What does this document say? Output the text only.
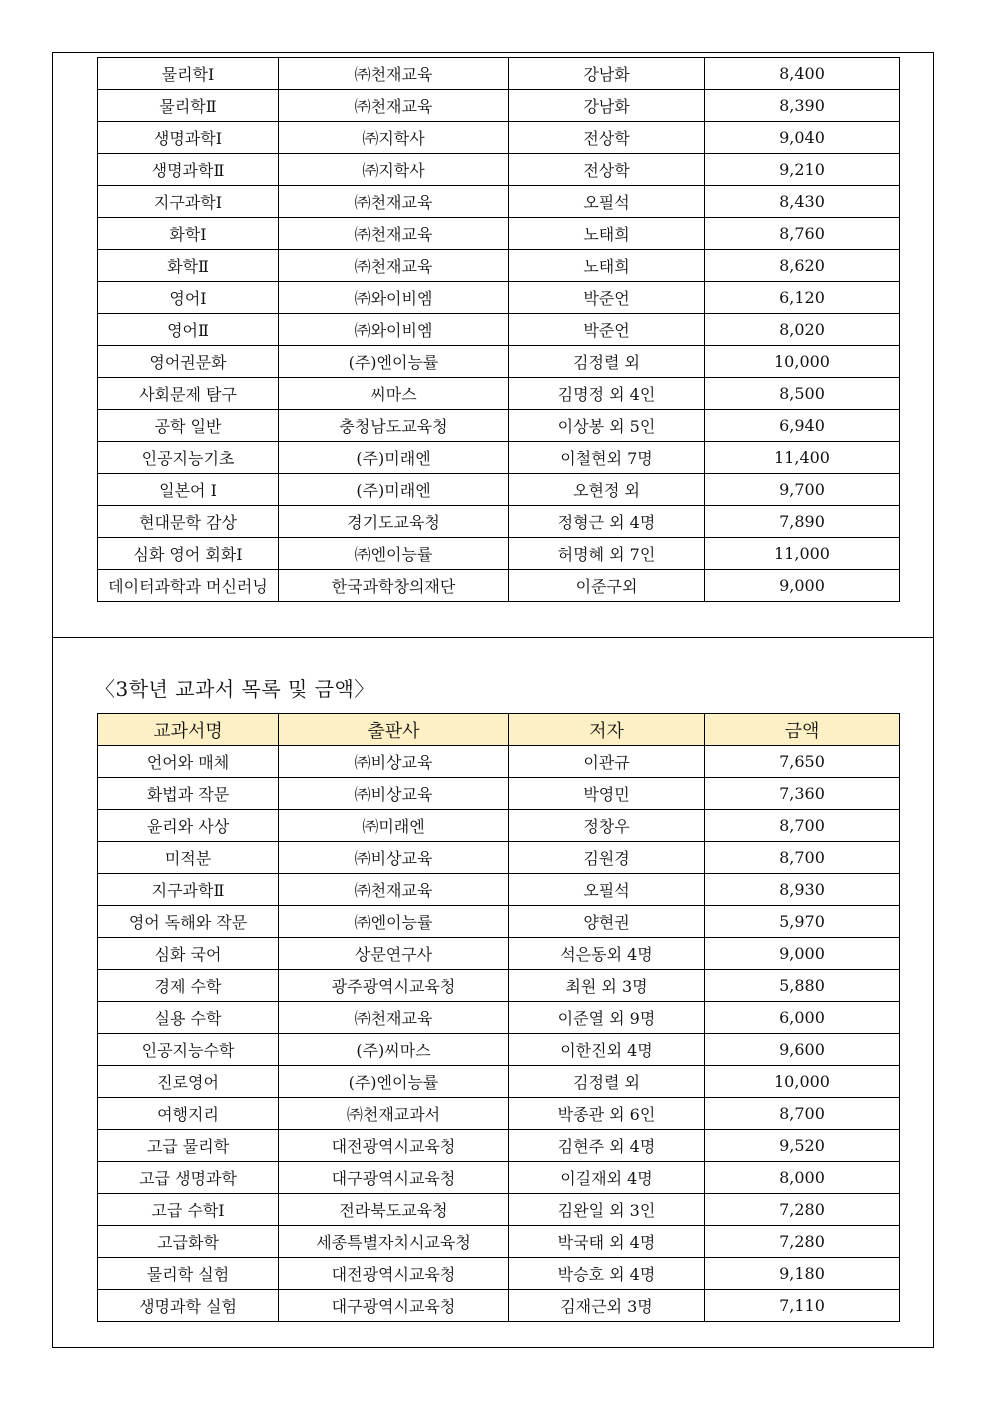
물리학Ⅰ	㈜천재교육	강남화	8,400
물리학Ⅱ	㈜천재교육	강남화	8,390
생명과학Ⅰ	㈜지학사	전상학	9,040
생명과학Ⅱ	㈜지학사	전상학	9,210
지구과학Ⅰ	㈜천재교육	오필석	8,430
화학Ⅰ	㈜천재교육	노태희	8,760
화학Ⅱ	㈜천재교육	노태희	8,620
영어Ⅰ	㈜와이비엠	박준언	6,120
영어Ⅱ	㈜와이비엠	박준언	8,020
영어권문화	(주)엔이능률	김정렬 외	10,000
사회문제 탐구	씨마스	김명정 외 4인	8,500
공학 일반	충청남도교육청	이상봉 외 5인	6,940
인공지능기초	(주)미래엔	이철현외 7명	11,400
일본어 Ⅰ	(주)미래엔	오현정 외	9,700
현대문학 감상	경기도교육청	정형근 외 4명	7,890
심화 영어 회화Ⅰ	㈜엔이능률	허명혜 외 7인	11,000
데이터과학과 머신러닝	한국과학창의재단	이준구외	9,000
〈3학년 교과서 목록 및 금액〉
교과서명	출판사	저자	금액
언어와 매체	㈜비상교육	이관규	7,650
화법과 작문	㈜비상교육	박영민	7,360
윤리와 사상	㈜미래엔	정창우	8,700
미적분	㈜비상교육	김원경	8,700
지구과학Ⅱ	㈜천재교육	오필석	8,930
영어 독해와 작문	㈜엔이능률	양현권	5,970
심화 국어	상문연구사	석은동외 4명	9,000
경제 수학	광주광역시교육청	최원 외 3명	5,880
실용 수학	㈜천재교육	이준열 외 9명	6,000
인공지능수학	(주)씨마스	이한진외 4명	9,600
진로영어	(주)엔이능률	김정렬 외	10,000
여행지리	㈜천재교과서	박종관 외 6인	8,700
고급 물리학	대전광역시교육청	김현주 외 4명	9,520
고급 생명과학	대구광역시교육청	이길재외 4명	8,000
고급 수학Ⅰ	전라북도교육청	김완일 외 3인	7,280
고급화학	세종특별자치시교육청	박국태 외 4명	7,280
물리학 실험	대전광역시교육청	박승호 외 4명	9,180
생명과학 실험	대구광역시교육청	김재근외 3명	7,110
